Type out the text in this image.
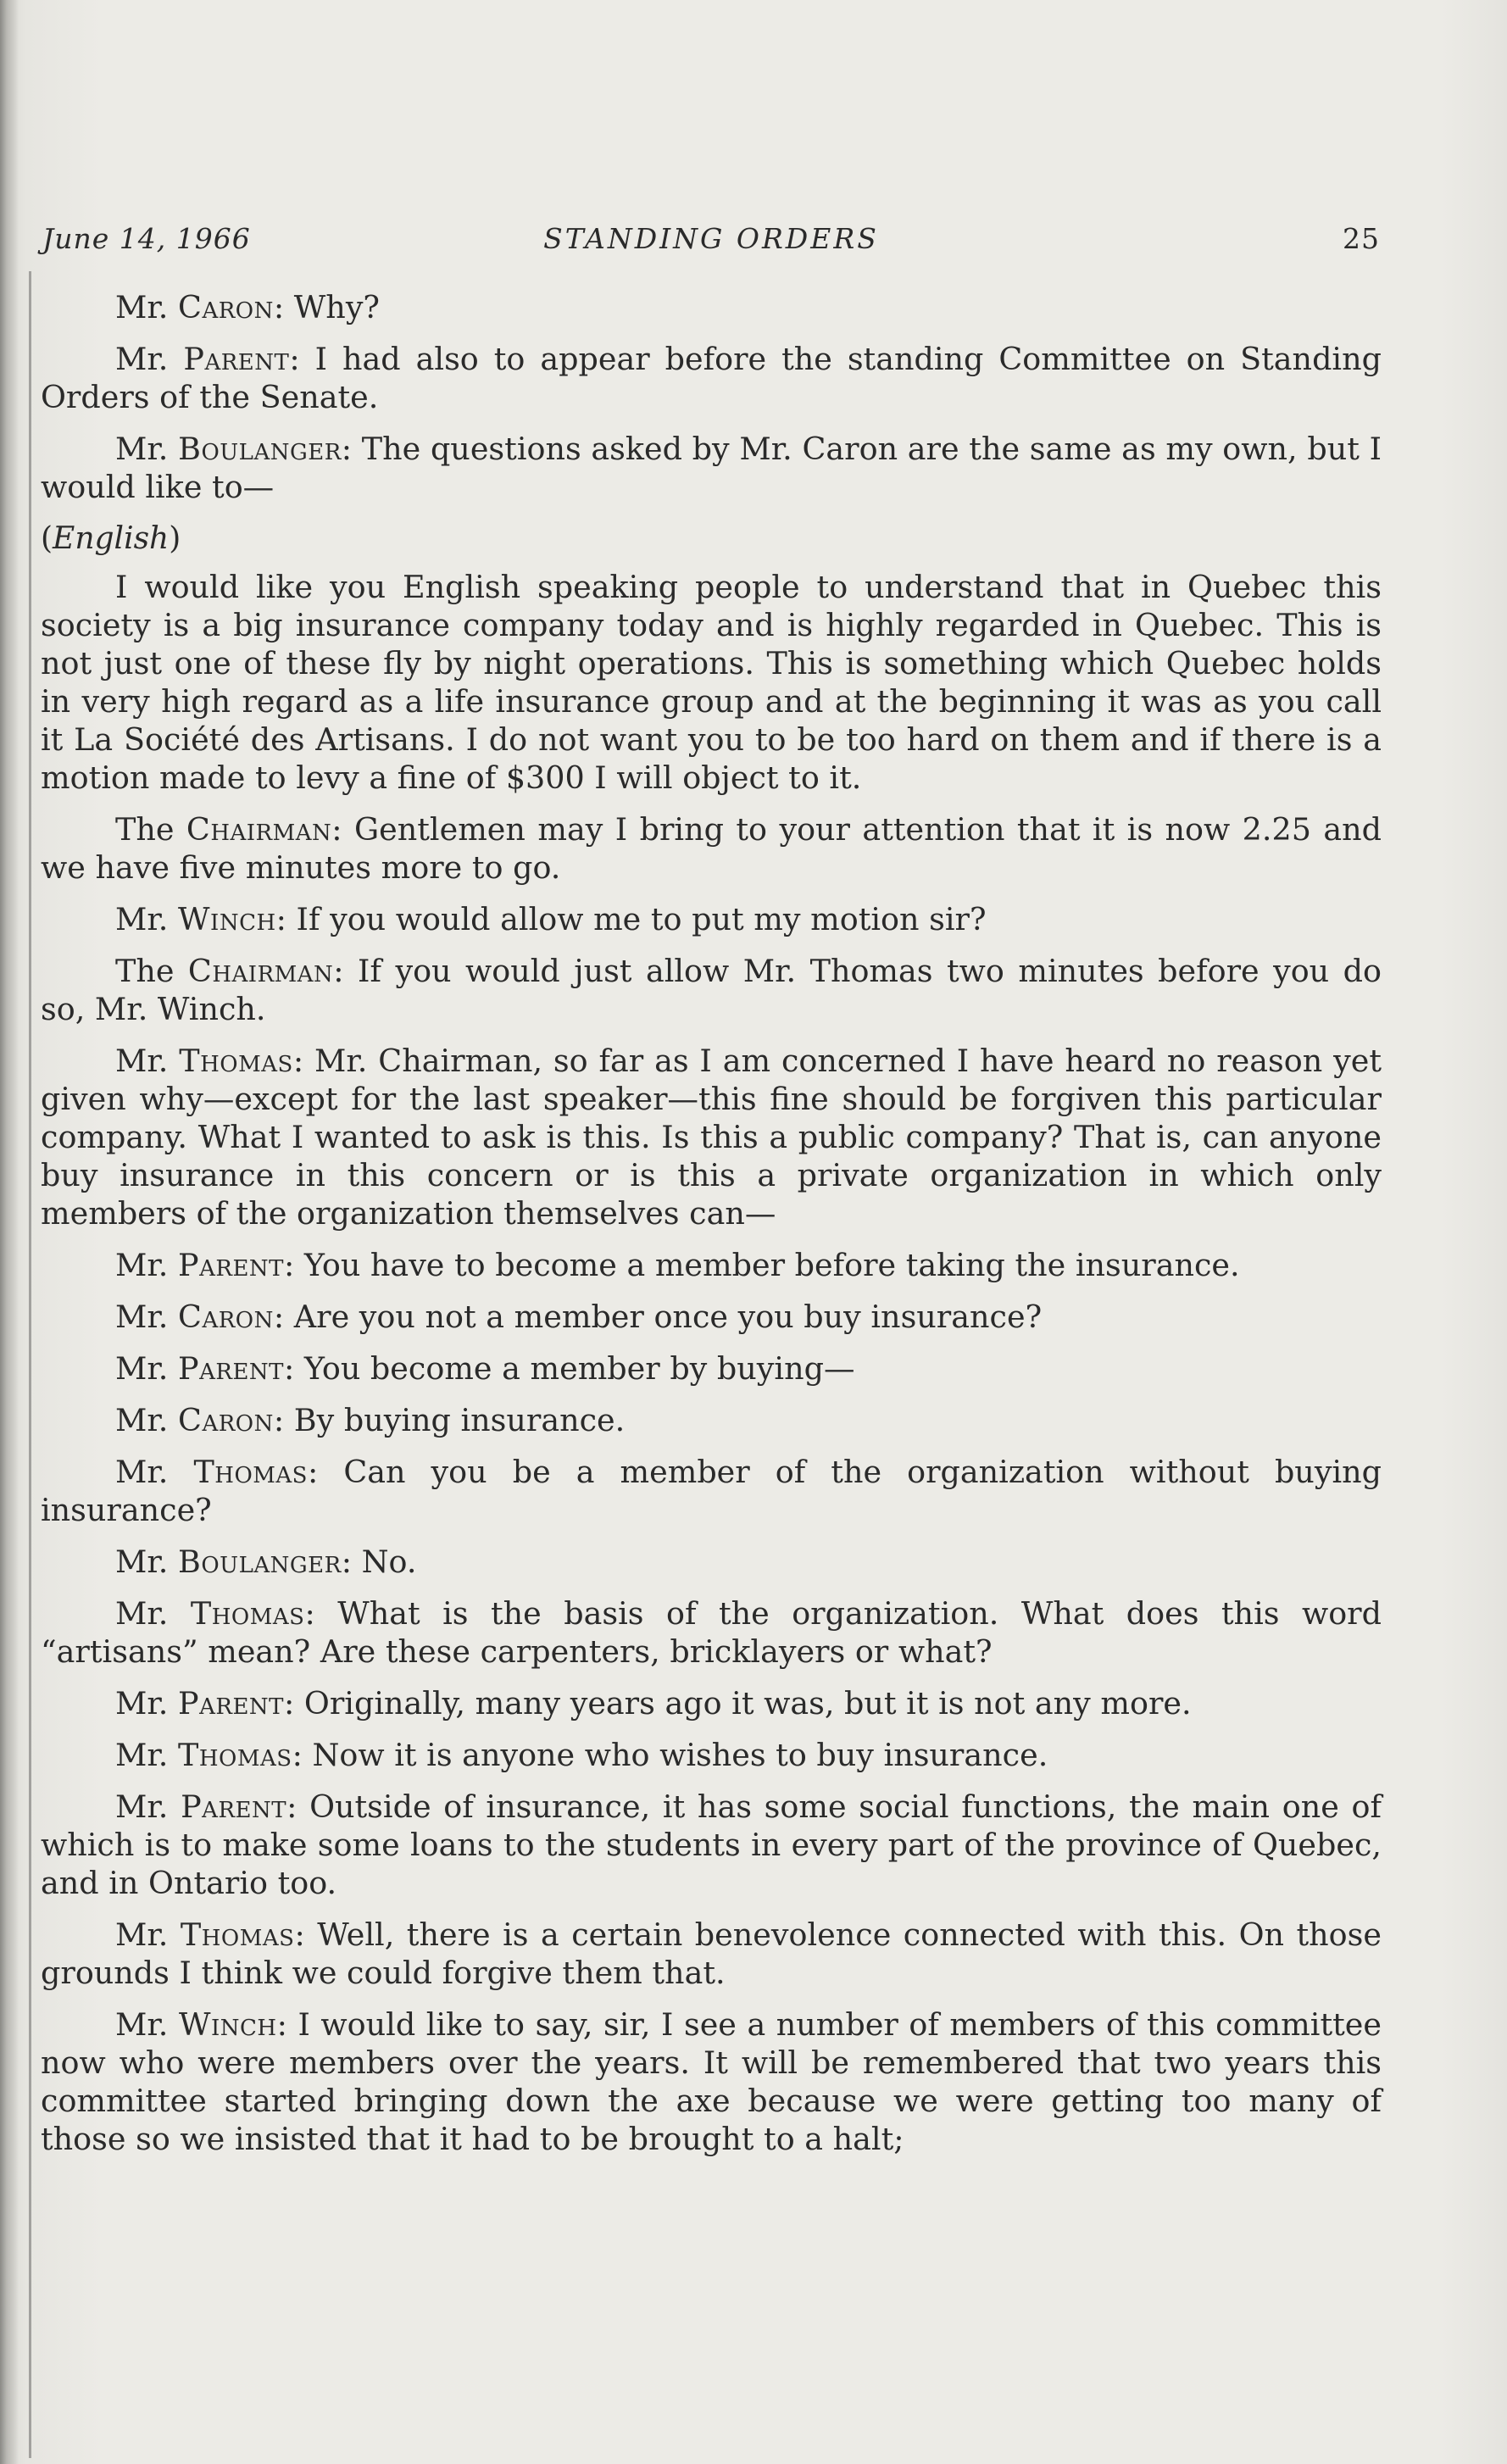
June 14, 1966	STANDING ORDERS	25

Mr. Caron: Why?

Mr. Parent: I had also to appear before the standing Committee on Standing Orders of the Senate.

Mr. Boulanger: The questions asked by Mr. Caron are the same as my own, but I would like to—

(English)

I would like you English speaking people to understand that in Quebec this society is a big insurance company today and is highly regarded in Quebec. This is not just one of these fly by night operations. This is something which Quebec holds in very high regard as a life insurance group and at the beginning it was as you call it La Société des Artisans. I do not want you to be too hard on them and if there is a motion made to levy a fine of $300 I will object to it.

The Chairman: Gentlemen may I bring to your attention that it is now 2.25 and we have five minutes more to go.

Mr. Winch: If you would allow me to put my motion sir?

The Chairman: If you would just allow Mr. Thomas two minutes before you do so, Mr. Winch.

Mr. Thomas: Mr. Chairman, so far as I am concerned I have heard no reason yet given why—except for the last speaker—this fine should be forgiven this particular company. What I wanted to ask is this. Is this a public company? That is, can anyone buy insurance in this concern or is this a private organization in which only members of the organization themselves can—

Mr. Parent: You have to become a member before taking the insurance.

Mr. Caron: Are you not a member once you buy insurance?

Mr. Parent: You become a member by buying—

Mr. Caron: By buying insurance.

Mr. Thomas: Can you be a member of the organization without buying insurance?

Mr. Boulanger: No.

Mr. Thomas: What is the basis of the organization. What does this word “artisans” mean? Are these carpenters, bricklayers or what?

Mr. Parent: Originally, many years ago it was, but it is not any more.

Mr. Thomas: Now it is anyone who wishes to buy insurance.

Mr. Parent: Outside of insurance, it has some social functions, the main one of which is to make some loans to the students in every part of the province of Quebec, and in Ontario too.

Mr. Thomas: Well, there is a certain benevolence connected with this. On those grounds I think we could forgive them that.

Mr. Winch: I would like to say, sir, I see a number of members of this committee now who were members over the years. It will be remembered that two years this committee started bringing down the axe because we were getting too many of those so we insisted that it had to be brought to a halt;
